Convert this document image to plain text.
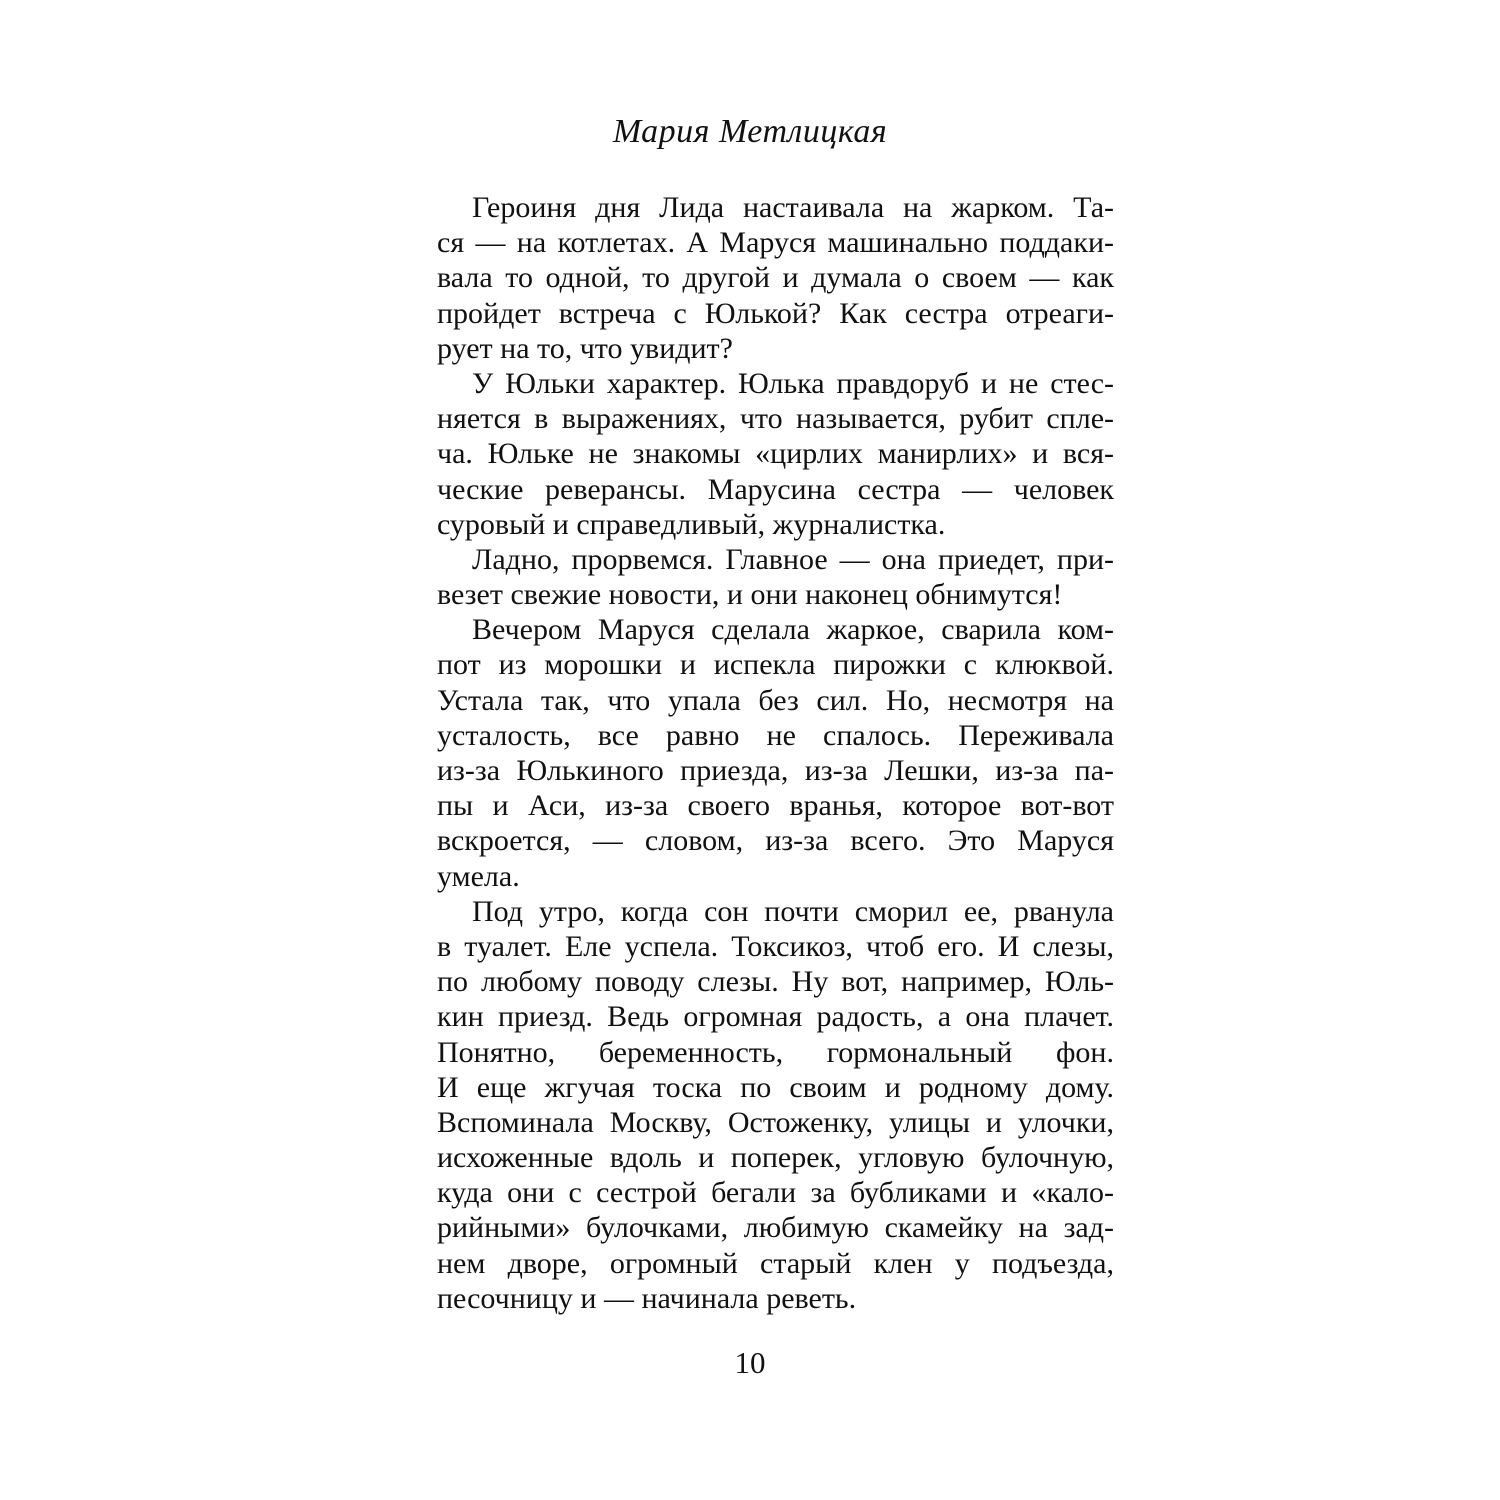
Мария Метлицкая
Героиня дня Лида настаивала на жарком. Та-
ся — на котлетах. А Маруся машинально поддаки-
вала то одной, то другой и думала о своем — как
пройдет встреча с Юлькой? Как сестра отреаги-
рует на то, что увидит?
У Юльки характер. Юлька правдоруб и не стес-
няется в выражениях, что называется, рубит спле-
ча. Юльке не знакомы «цирлих манирлих» и вся-
ческие реверансы. Марусина сестра — человек
суровый и справедливый, журналистка.
Ладно, прорвемся. Главное — она приедет, при-
везет свежие новости, и они наконец обнимутся!
Вечером Маруся сделала жаркое, сварила ком-
пот из морошки и испекла пирожки с клюквой.
Устала так, что упала без сил. Но, несмотря на
усталость, все равно не спалось. Переживала
из-за Юлькиного приезда, из-за Лешки, из-за па-
пы и Аси, из-за своего вранья, которое вот-вот
вскроется, — словом, из-за всего. Это Маруся
умела.
Под утро, когда сон почти сморил ее, рванула
в туалет. Еле успела. Токсикоз, чтоб его. И слезы,
по любому поводу слезы. Ну вот, например, Юль-
кин приезд. Ведь огромная радость, а она плачет.
Понятно, беременность, гормональный фон.
И еще жгучая тоска по своим и родному дому.
Вспоминала Москву, Остоженку, улицы и улочки,
исхоженные вдоль и поперек, угловую булочную,
куда они с сестрой бегали за бубликами и «кало-
рийными» булочками, любимую скамейку на зад-
нем дворе, огромный старый клен у подъезда,
песочницу и — начинала реветь.
10
